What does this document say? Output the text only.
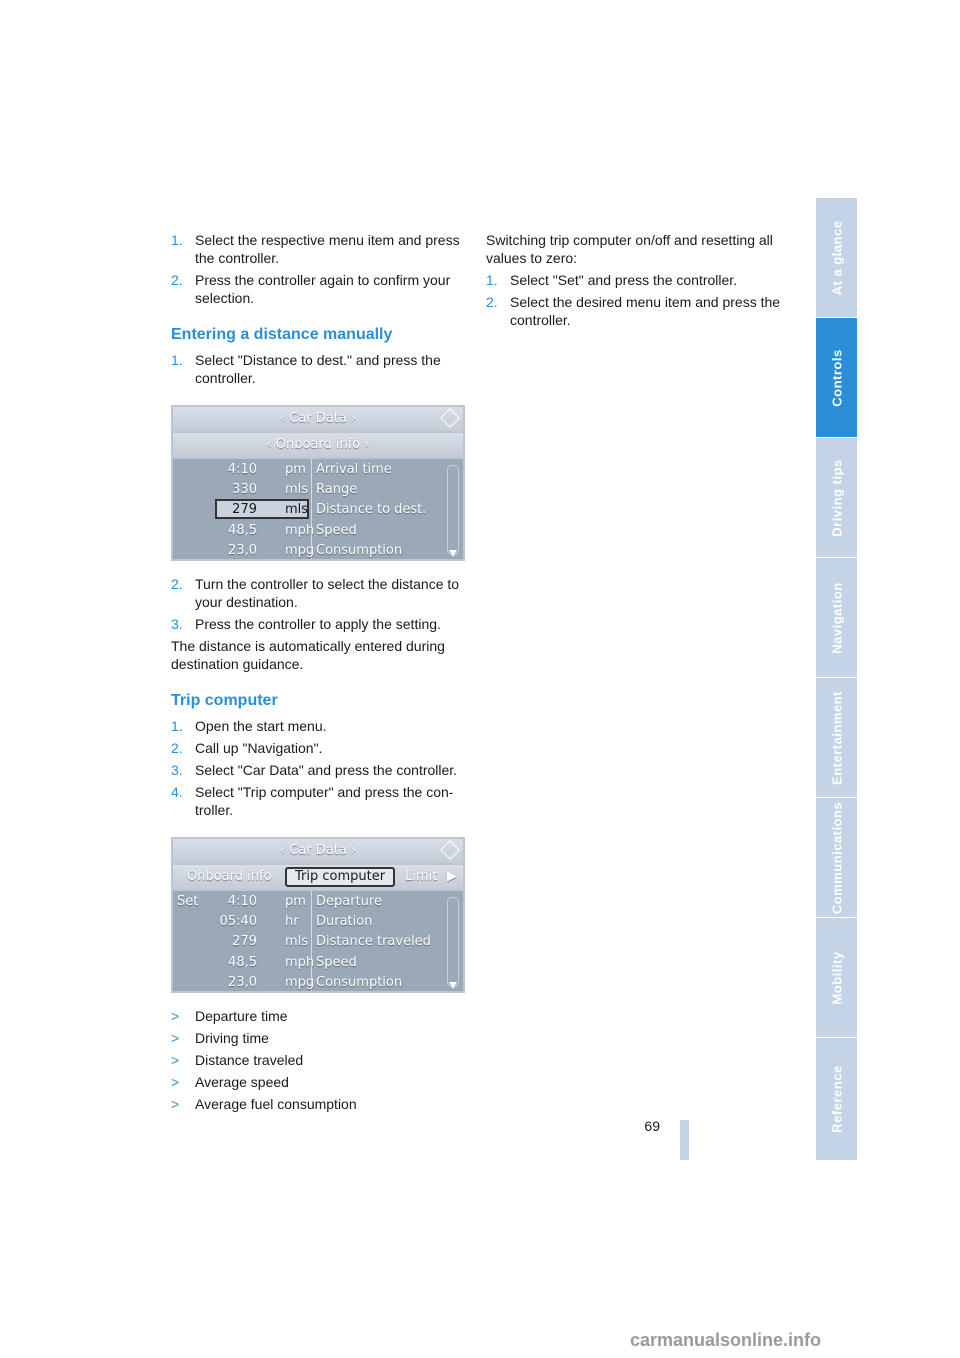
1. Select the respective menu item and press the controller.
2. Press the controller again to confirm your selection.
Entering a distance manually
1. Select "Distance to dest." and press the controller.
‹ Car Data ›
‹ Onboard info ›
4:10 pm Arrival time
330 mls Range
279 mls Distance to dest.
48,5 mph Speed
23,0 mpg Consumption
2. Turn the controller to select the distance to your destination.
3. Press the controller to apply the setting.

The distance is automatically entered during destination guidance.

Trip computer
1. Open the start menu.
2. Call up "Navigation".
3. Select "Car Data" and press the controller.
4. Select "Trip computer" and press the con-troller.
‹ Car Data ›
Onboard info	Trip computer	Limit ▶
Set	4:10 pm Departure
05:40 hr	Duration
279 mls Distance traveled
48,5 mph Speed
23,0 mpg Consumption
> Departure time
> Driving time
> Distance traveled
> Average speed
> Average fuel consumption

Switching trip computer on/off and resetting all values to zero:

1. Select "Set" and press the controller.
2. Select the desired menu item and press the controller.
At a glance
Controls
Driving tips
Navigation
Entertainment
Communications
Mobility
Reference
69
carmanualsonline.info
